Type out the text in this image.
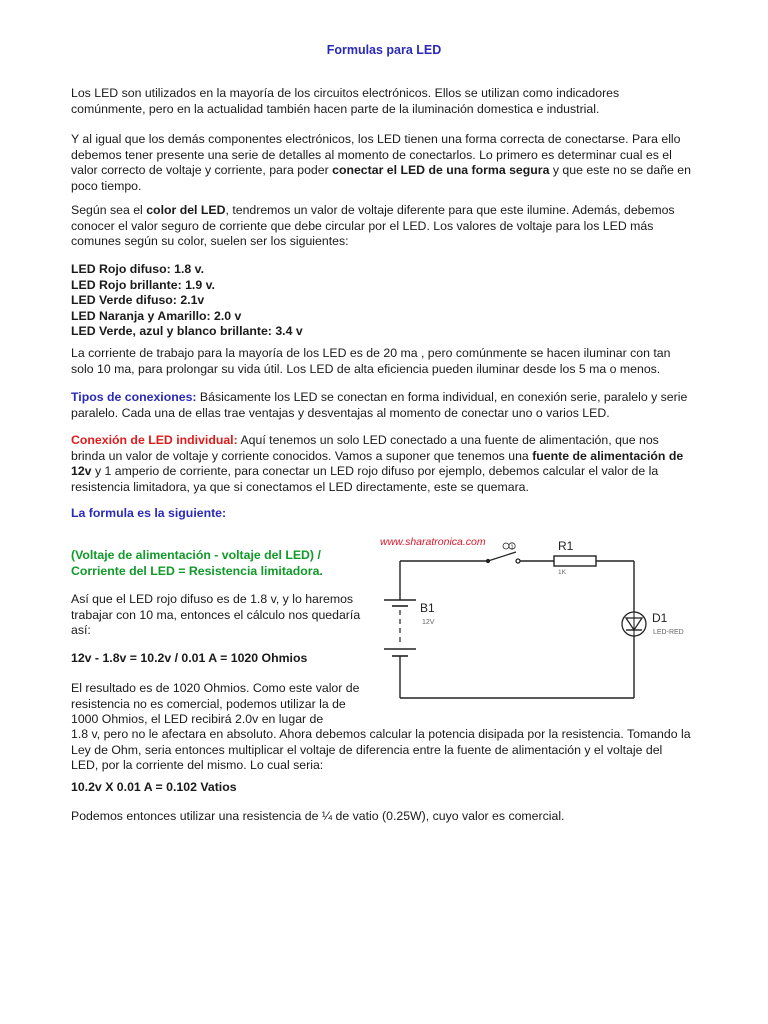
Formulas para LED

Los LED son utilizados en la mayoría de los circuitos electrónicos. Ellos se utilizan como indicadores comúnmente, pero en la actualidad también hacen parte de la iluminación domestica e industrial.

Y al igual que los demás componentes electrónicos, los LED tienen una forma correcta de conectarse. Para ello debemos tener presente una serie de detalles al momento de conectarlos. Lo primero es determinar cual es el valor correcto de voltaje y corriente, para poder conectar el LED de una forma segura y que este no se dañe en poco tiempo.

Según sea el color del LED, tendremos un valor de voltaje diferente para que este ilumine. Además, debemos conocer el valor seguro de corriente que debe circular por el LED. Los valores de voltaje para los LED más comunes según su color, suelen ser los siguientes:

LED Rojo difuso: 1.8 v.
LED Rojo brillante: 1.9 v.
LED Verde difuso: 2.1v
LED Naranja y Amarillo: 2.0 v
LED Verde, azul y blanco brillante: 3.4 v

La corriente de trabajo para la mayoría de los LED es de 20 ma , pero comúnmente se hacen iluminar con tan solo 10 ma, para prolongar su vida útil. Los LED de alta eficiencia pueden iluminar desde los 5 ma o menos.

Tipos de conexiones: Básicamente los LED se conectan en forma individual, en conexión serie, paralelo y serie paralelo. Cada una de ellas trae ventajas y desventajas al momento de conectar uno o varios LED.

Conexión de LED individual: Aquí tenemos un solo LED conectado a una fuente de alimentación, que nos brinda un valor de voltaje y corriente conocidos. Vamos a suponer que tenemos una fuente de alimentación de 12v y 1 amperio de corriente, para conectar un LED rojo difuso por ejemplo, debemos calcular el valor de la resistencia limitadora, ya que si conectamos el LED directamente, este se quemara.

La formula es la siguiente:

(Voltaje de alimentación - voltaje del LED) / Corriente del LED = Resistencia limitadora.

Así que el LED rojo difuso es de 1.8 v, y lo haremos trabajar con 10 ma, entonces el cálculo nos quedaría así:

12v - 1.8v = 10.2v / 0.01 A = 1020 Ohmios

El resultado es de 1020 Ohmios. Como este valor de resistencia no es comercial, podemos utilizar la de 1000 Ohmios, el LED recibirá 2.0v en lugar de

1.8 v, pero no le afectara en absoluto. Ahora debemos calcular la potencia disipada por la resistencia. Tomando la Ley de Ohm, seria entonces multiplicar el voltaje de diferencia entre la fuente de alimentación y el voltaje del LED, por la corriente del mismo. Lo cual seria:

10.2v X 0.01 A = 0.102 Vatios

Podemos entonces utilizar una resistencia de ¼ de vatio (0.25W), cuyo valor es comercial.

www.sharatronica.com	1	R1
1K
B1
12V	D1
LED-RED
